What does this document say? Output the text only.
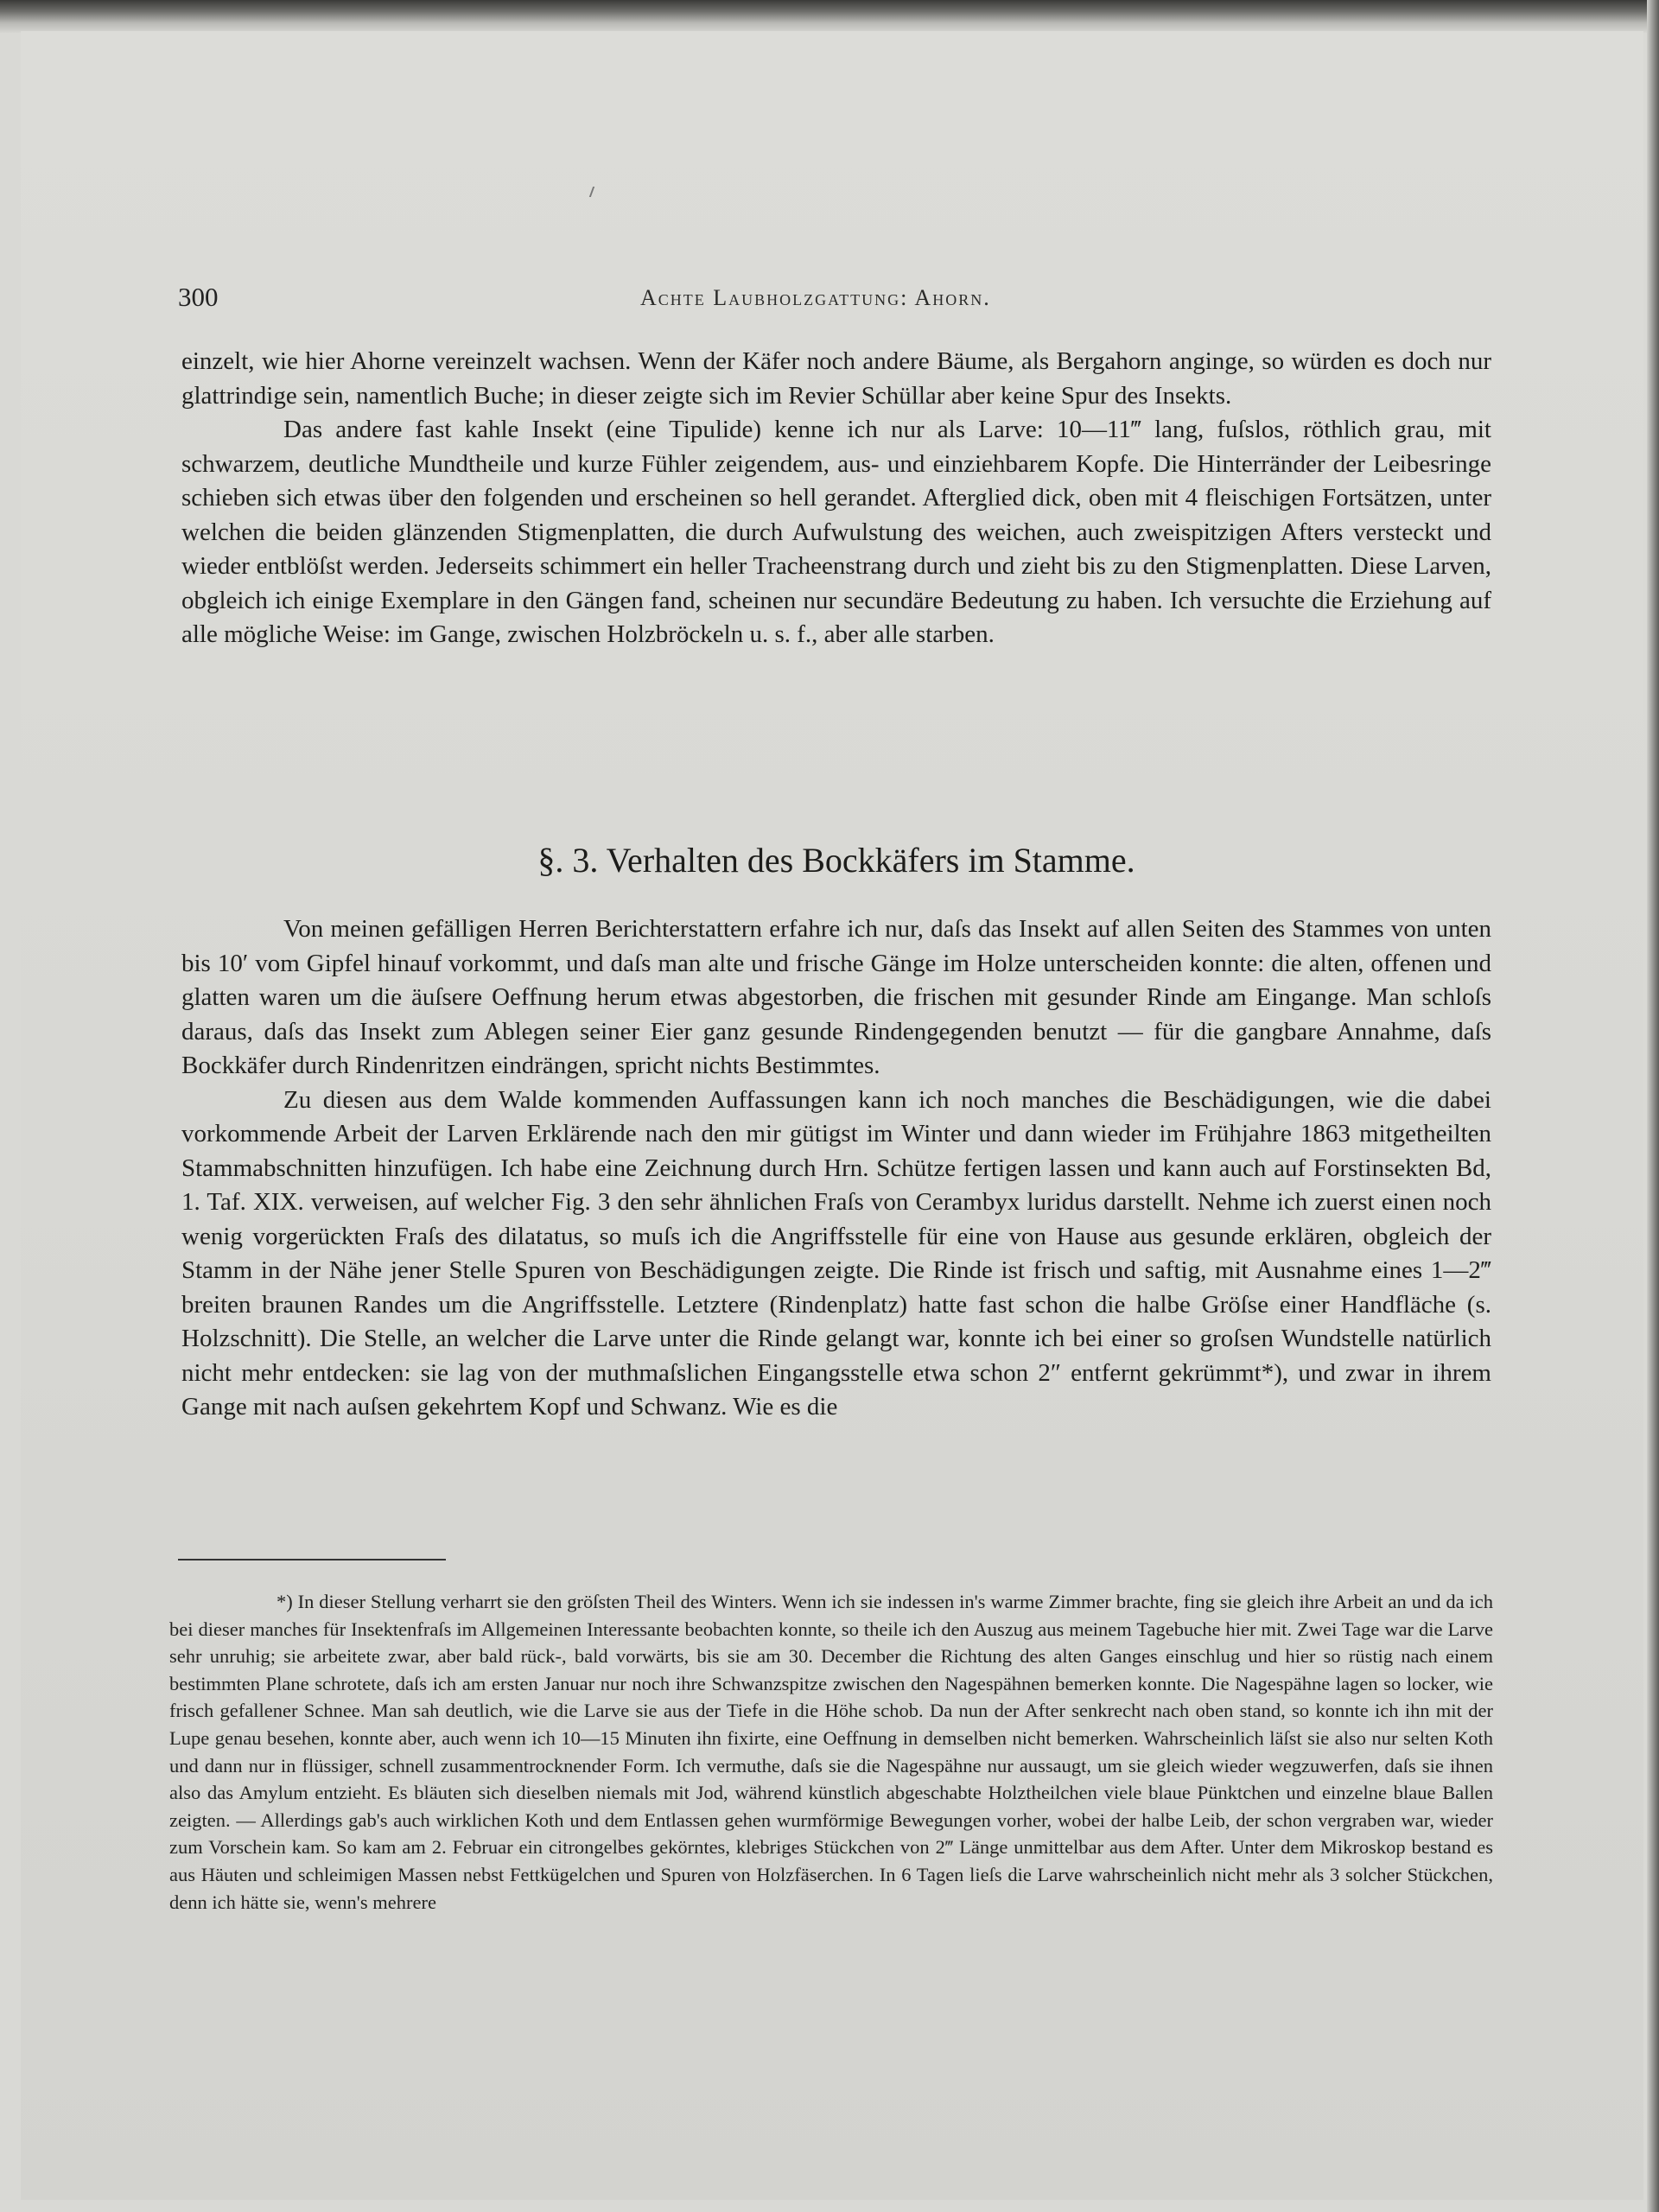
300	Achte Laubholzgattung: Ahorn.

einzelt, wie hier Ahorne vereinzelt wachsen. Wenn der Käfer noch andere Bäume, als Bergahorn anginge, so würden es doch nur glattrindige sein, namentlich Buche; in dieser zeigte sich im Revier Schüllar aber keine Spur des Insekts.

Das andere fast kahle Insekt (eine Tipulide) kenne ich nur als Larve: 10—11‴ lang, fuſslos, röthlich grau, mit schwarzem, deutliche Mundtheile und kurze Fühler zeigendem, aus- und einziehbarem Kopfe. Die Hinterränder der Leibesringe schieben sich etwas über den folgenden und erscheinen so hell gerandet. Afterglied dick, oben mit 4 fleischigen Fortsätzen, unter welchen die beiden glänzenden Stigmenplatten, die durch Aufwulstung des weichen, auch zweispitzigen Afters versteckt und wieder entblöſst werden. Jederseits schimmert ein heller Tracheenstrang durch und zieht bis zu den Stigmenplatten. Diese Larven, obgleich ich einige Exemplare in den Gängen fand, scheinen nur secundäre Bedeutung zu haben. Ich versuchte die Erziehung auf alle mögliche Weise: im Gange, zwischen Holzbröckeln u. s. f., aber alle starben.

§. 3. Verhalten des Bockkäfers im Stamme.

Von meinen gefälligen Herren Berichterstattern erfahre ich nur, daſs das Insekt auf allen Seiten des Stammes von unten bis 10′ vom Gipfel hinauf vorkommt, und daſs man alte und frische Gänge im Holze unterscheiden konnte: die alten, offenen und glatten waren um die äuſsere Oeffnung herum etwas abgestorben, die frischen mit gesunder Rinde am Eingange. Man schloſs daraus, daſs das Insekt zum Ablegen seiner Eier ganz gesunde Rindengegenden benutzt — für die gangbare Annahme, daſs Bockkäfer durch Rindenritzen eindrängen, spricht nichts Bestimmtes.

Zu diesen aus dem Walde kommenden Auffassungen kann ich noch manches die Beschädigungen, wie die dabei vorkommende Arbeit der Larven Erklärende nach den mir gütigst im Winter und dann wieder im Frühjahre 1863 mitgetheilten Stammabschnitten hinzufügen. Ich habe eine Zeichnung durch Hrn. Schütze fertigen lassen und kann auch auf Forstinsekten Bd, 1. Taf. XIX. verweisen, auf welcher Fig. 3 den sehr ähnlichen Fraſs von Cerambyx luridus darstellt. Nehme ich zuerst einen noch wenig vorgerückten Fraſs des dilatatus, so muſs ich die Angriffsstelle für eine von Hause aus gesunde erklären, obgleich der Stamm in der Nähe jener Stelle Spuren von Beschädigungen zeigte. Die Rinde ist frisch und saftig, mit Ausnahme eines 1—2‴ breiten braunen Randes um die Angriffsstelle. Letztere (Rindenplatz) hatte fast schon die halbe Gröſse einer Handfläche (s. Holzschnitt). Die Stelle, an welcher die Larve unter die Rinde gelangt war, konnte ich bei einer so groſsen Wundstelle natürlich nicht mehr entdecken: sie lag von der muthmaſslichen Eingangsstelle etwa schon 2″ entfernt gekrümmt*), und zwar in ihrem Gange mit nach auſsen gekehrtem Kopf und Schwanz. Wie es die

*) In dieser Stellung verharrt sie den gröſsten Theil des Winters. Wenn ich sie indessen in's warme Zimmer brachte, fing sie gleich ihre Arbeit an und da ich bei dieser manches für Insektenfraſs im Allgemeinen Interessante beobachten konnte, so theile ich den Auszug aus meinem Tagebuche hier mit. Zwei Tage war die Larve sehr unruhig; sie arbeitete zwar, aber bald rück-, bald vorwärts, bis sie am 30. December die Richtung des alten Ganges einschlug und hier so rüstig nach einem bestimmten Plane schrotete, daſs ich am ersten Januar nur noch ihre Schwanzspitze zwischen den Nagespähnen bemerken konnte. Die Nagespähne lagen so locker, wie frisch gefallener Schnee. Man sah deutlich, wie die Larve sie aus der Tiefe in die Höhe schob. Da nun der After senkrecht nach oben stand, so konnte ich ihn mit der Lupe genau besehen, konnte aber, auch wenn ich 10—15 Minuten ihn fixirte, eine Oeffnung in demselben nicht bemerken. Wahrscheinlich läſst sie also nur selten Koth und dann nur in flüssiger, schnell zusammentrocknender Form. Ich vermuthe, daſs sie die Nagespähne nur aussaugt, um sie gleich wieder wegzuwerfen, daſs sie ihnen also das Amylum entzieht. Es bläuten sich dieselben niemals mit Jod, während künstlich abgeschabte Holztheilchen viele blaue Pünktchen und einzelne blaue Ballen zeigten. — Allerdings gab's auch wirklichen Koth und dem Entlassen gehen wurmförmige Bewegungen vorher, wobei der halbe Leib, der schon vergraben war, wieder zum Vorschein kam. So kam am 2. Februar ein citrongelbes gekörntes, klebriges Stückchen von 2‴ Länge unmittelbar aus dem After. Unter dem Mikroskop bestand es aus Häuten und schleimigen Massen nebst Fettkügelchen und Spuren von Holzfäserchen. In 6 Tagen lieſs die Larve wahrscheinlich nicht mehr als 3 solcher Stückchen, denn ich hätte sie, wenn's mehrere
